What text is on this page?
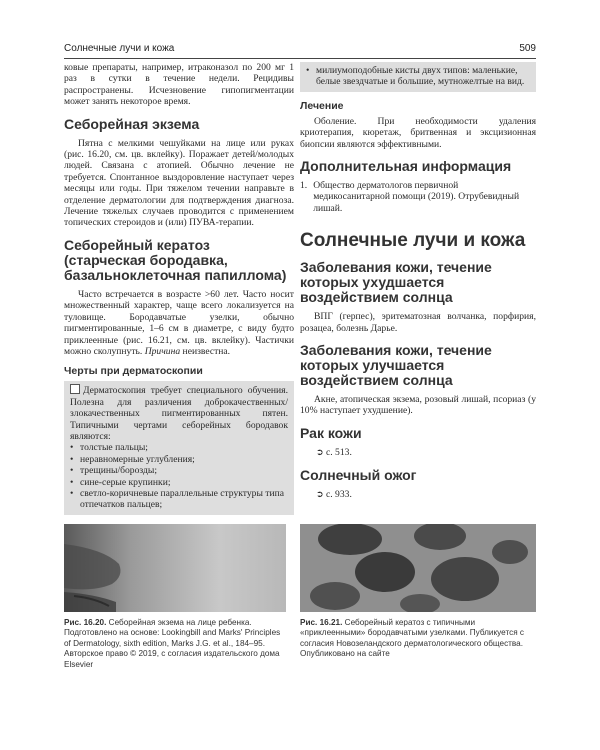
Солнечные лучи и кожа	509

ковые препараты, например, итраконазол по 200 мг 1 раз в сутки в течение недели. Рецидивы распространены. Исчезновение гипопигментации может занять некоторое время.

Себорейная экзема

Пятна с мелкими чешуйками на лице или руках (рис. 16.20, см. цв. вклейку). Поражает детей/молодых людей. Связана с атопией. Обычно лечение не требуется. Спонтанное выздоровление наступает через месяцы или годы. При тяжелом течении направьте в отделение дерматологии для подтверждения диагноза. Лечение тяжелых случаев проводится с применением топических стероидов и (или) ПУВА-терапии.

Себорейный кератоз (старческая бородавка, базальноклеточная папиллома)

Часто встречается в возрасте >60 лет. Часто носит множественный характер, чаще всего локализуется на туловище. Бородавчатые узелки, обычно пигментированные, 1–6 см в диаметре, с виду будто приклеенные (рис. 16.21, см. цв. вклейку). Частички можно сколупнуть. Причина неизвестна.

Черты при дерматоскопии

Дерматоскопия требует специального обучения. Полезна для различения доброкачественных/злокачественных пигментированных пятен. Типичными чертами себорейных бородавок являются:

• толстые пальцы;
• неравномерные углубления;
• трещины/борозды;
• сине-серые крупинки;
• светло-коричневые параллельные структуры типа отпечатков пальцев;
• милиумоподобные кисты двух типов: маленькие, белые звездчатые и большие, мутножелтые на вид.
Лечение

Оболение. При необходимости удаления криотерапия, кюретаж, бритвенная и эксцизионная биопсии являются эффективными.

Дополнительная информация
1. Общество дерматологов первичной медикосанитарной помощи (2019). Отрубевидный лишай.
Солнечные лучи и кожа
Заболевания кожи, течение которых ухудшается воздействием солнца

ВПГ (герпес), эритематозная волчанка, порфирия, розацеа, болезнь Дарье.

Заболевания кожи, течение которых улучшается воздействием солнца

Акне, атопическая экзема, розовый лишай, псориаз (у 10% наступает ухудшение).

Рак кожи
➲ с. 513.
Солнечный ожог
➲ с. 933.
Рис. 16.20. Себорейная экзема на лице ребенка. Подготовлено на основе: Lookingbill and Marks' Principles of Dermatology, sixth edition, Marks J.G. et al., 184–95. Авторское право © 2019, с согласия издательского дома Elsevier
Рис. 16.21. Себорейный кератоз с типичными «приклеенными» бородавчатыми узелками. Публикуется с согласия Новозеландского дерматологического общества. Опубликовано на сайте
